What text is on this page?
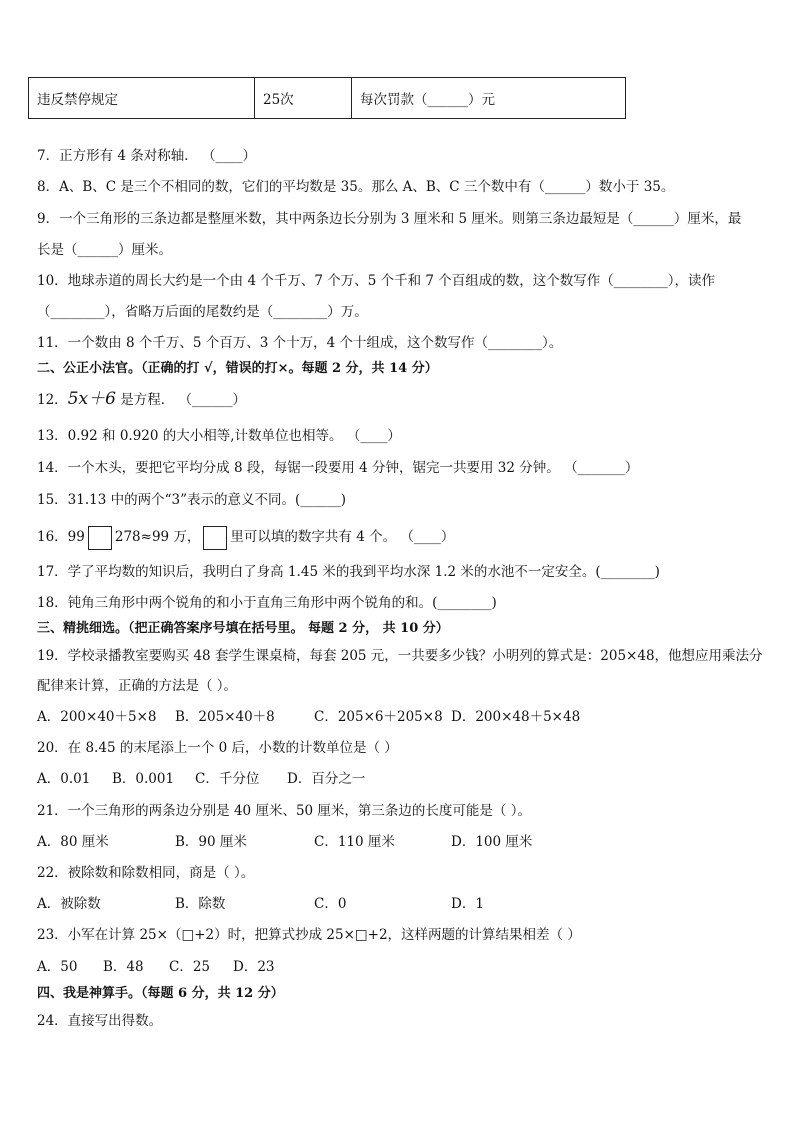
违反禁停规定	25次	每次罚款（______）元
7．正方形有 4 条对称轴． （____）
8．A、B、C 是三个不相同的数，它们的平均数是 35。那么 A、B、C 三个数中有（______）数小于 35。
9．一个三角形的三条边都是整厘米数，其中两条边长分别为 3 厘米和 5 厘米。则第三条边最短是（______）厘米，最
长是（______）厘米。
10．地球赤道的周长大约是一个由 4 个千万、7 个万、5 个千和 7 个百组成的数，这个数写作（________），读作
（________），省略万后面的尾数约是（________）万。
11．一个数由 8 个千万、5 个百万、3 个十万，4 个十组成，这个数写作（________）。
二、公正小法官。（正确的打 √，错误的打×。每题 2 分，共 14 分）
12．5x＋6 是方程． （______）
13．0.92 和 0.920 的大小相等,计数单位也相等。 （____）
14．一个木头，要把它平均分成 8 段，每锯一段要用 4 分钟，锯完一共要用 32 分钟。 （_______）
15．31.13 中的两个“3”表示的意义不同。(______)
16．99 278≈99 万， 里可以填的数字共有 4 个。 （____）
17．学了平均数的知识后，我明白了身高 1.45 米的我到平均水深 1.2 米的水池不一定安全。(________)
18．钝角三角形中两个锐角的和小于直角三角形中两个锐角的和。(________)
三、精挑细选。（把正确答案序号填在括号里。 每题 2 分， 共 10 分）
19．学校录播教室要购买 48 套学生课桌椅，每套 205 元，一共要多少钱？小明列的算式是：205×48，他想应用乘法分
配律来计算，正确的方法是（ ）。
A．200×40＋5×8 B．205×40＋8	C．205×6＋205×8 D．200×48＋5×48
20．在 8.45 的末尾添上一个 0 后，小数的计数单位是（ ）
A．0.01 B．0.001 C．千分位 D．百分之一
21．一个三角形的两条边分别是 40 厘米、50 厘米，第三条边的长度可能是（ ）。
A．80 厘米	B．90 厘米	C．110 厘米	D．100 厘米
22．被除数和除数相同，商是（ ）。
A．被除数	B．除数	C．0	D．1
23．小军在计算 25×（□+2）时，把算式抄成 25×□+2，这样两题的计算结果相差（ ）
A．50 B．48 C．25 D．23
四、我是神算手。（每题 6 分，共 12 分）
24．直接写出得数。
